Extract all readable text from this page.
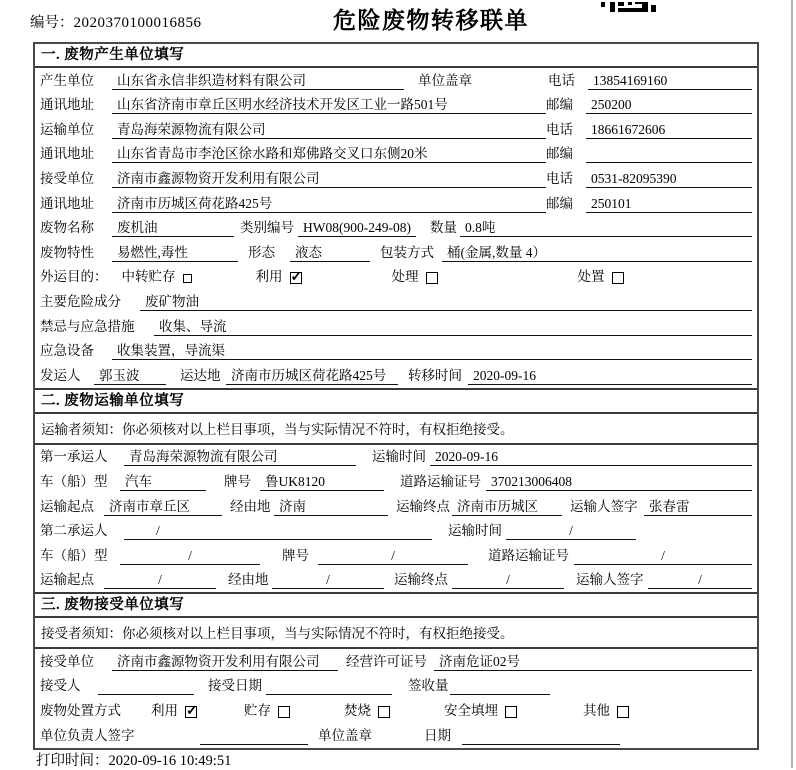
编号：2020370100016856	危险废物转移联单
一. 废物产生单位填写
产生单位	山东省永信非织造材料有限公司	单位盖章	电话	13854169160
通讯地址	山东省济南市章丘区明水经济技术开发区工业一路501号	邮编	250200
运输单位	青岛海荣源物流有限公司	电话	18661672606
通讯地址	山东省青岛市李沧区徐水路和郑佛路交叉口东侧20米	邮编
接受单位	济南市鑫源物资开发利用有限公司	电话	0531-82095390
通讯地址	济南市历城区荷花路425号	邮编	250101
废物名称	废机油	类别编号 HW08(900-249-08)	数量 0.8吨
废物特性	易燃性,毒性	形态	液态	包装方式 桶(金属,数量 4）
外运目的： 中转贮存	利用 ✓	处理	处置
主要危险成分	废矿物油
禁忌与应急措施	收集、导流
应急设备	收集装置，导流渠
发运人	郭玉波	运达地 济南市历城区荷花路425号	转移时间 2020-09-16
二. 废物运输单位填写
运输者须知：你必须核对以上栏目事项，当与实际情况不符时，有权拒绝接受。
第一承运人	青岛海荣源物流有限公司	运输时间 2020-09-16
车（船）型	汽车	牌号	鲁UK8120	道路运输证号 370213006408
运输起点	济南市章丘区	经由地 济南	运输终点 济南市历城区	运输人签字 张春雷
第二承运人	/	运输时间	/
车（船）型	/	牌号	/	道路运输证号	/
运输起点	/	经由地	/	运输终点	/	运输人签字	/
三. 废物接受单位填写
接受者须知：你必须核对以上栏目事项，当与实际情况不符时，有权拒绝接受。
接受单位	济南市鑫源物资开发利用有限公司	经营许可证号 济南危证02号
接受人	接受日期	签收量
废物处置方式	利用 ✓	贮存	焚烧	安全填埋	其他
单位负责人签字	单位盖章	日期
打印时间：2020-09-16 10:49:51
